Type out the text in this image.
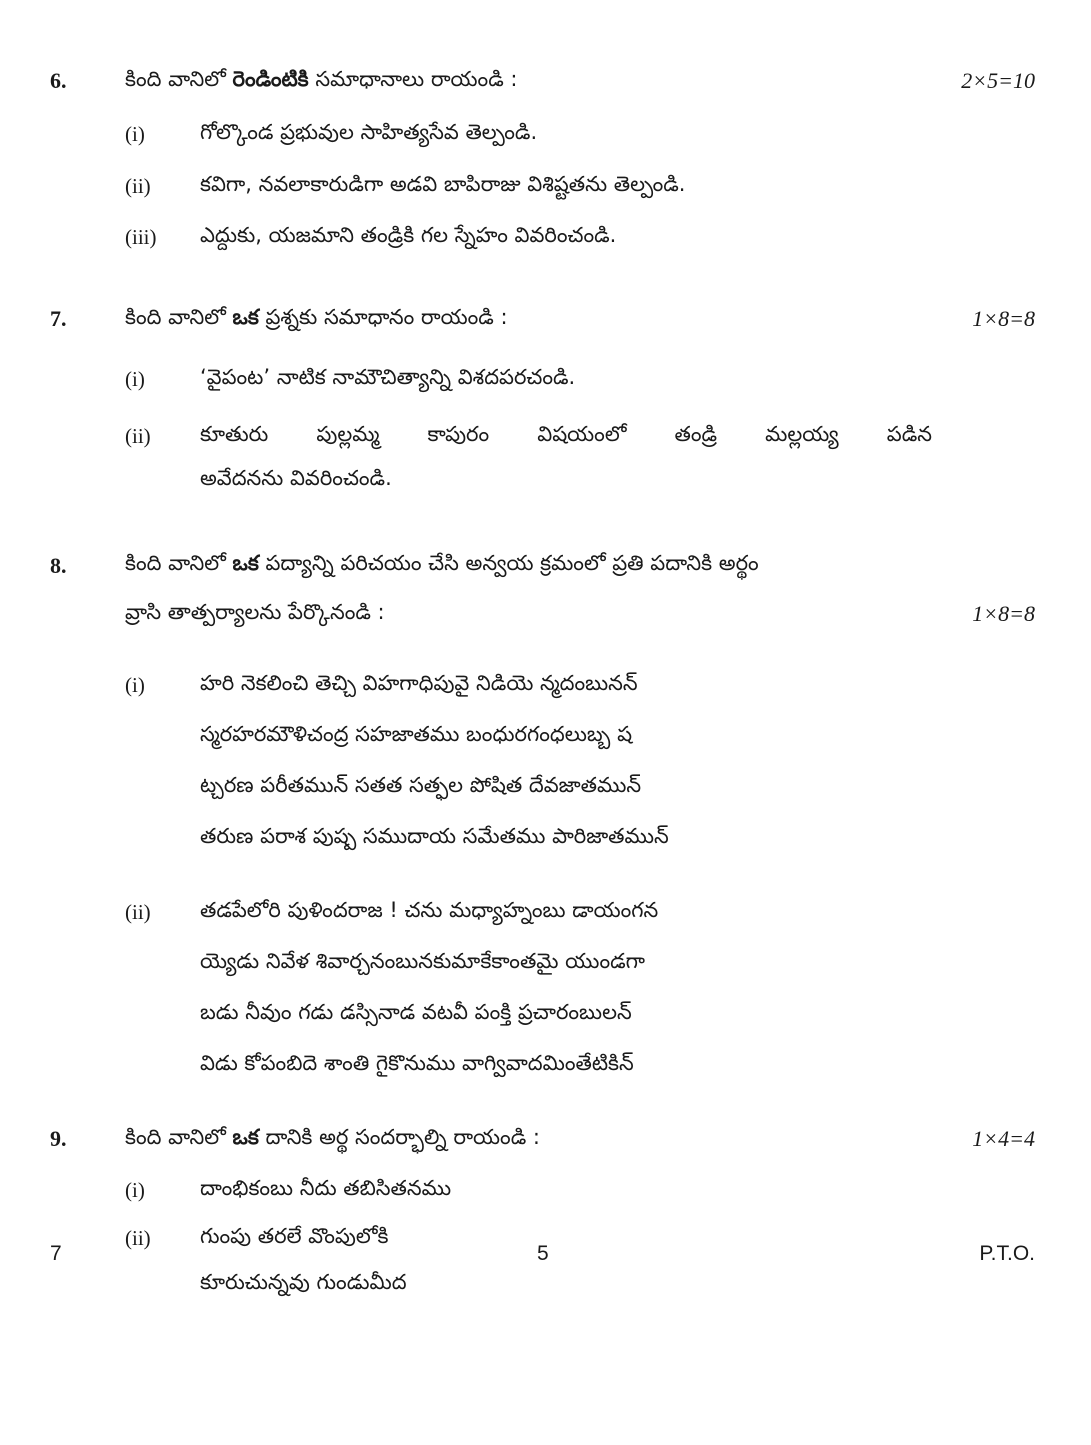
6.	కింది వానిలో రెండింటికి సమాధానాలు రాయండి :	2×5=10
(i)	గోల్కొండ ప్రభువుల సాహిత్యసేవ తెల్పండి.
(ii) కవిగా, నవలాకారుడిగా అడవి బాపిరాజు విశిష్టతను తెల్పండి.
(iii) ఎద్దుకు, యజమాని తండ్రికి గల స్నేహం వివరించండి.
7.	కింది వానిలో ఒక ప్రశ్నకు సమాధానం రాయండి :	1×8=8
(i)	‘వైపంట’ నాటిక నామౌచిత్యాన్ని విశదపరచండి.
(ii) కూతురు పుల్లమ్మ కాపురం విషయంలో తండ్రి మల్లయ్య పడిన
అవేదనను వివరించండి.
8.	కింది వానిలో ఒక పద్యాన్ని పరిచయం చేసి అన్వయ క్రమంలో ప్రతి పదానికి అర్థం
వ్రాసి తాత్పర్యాలను పేర్కొనండి :	1×8=8
(i)	హరి నెకలించి తెచ్చి విహగాధిపువై నిడియె న్మదంబునన్
స్మరహరమౌళిచంద్ర సహజాతము బంధురగంధలుబ్బ ష
ట్చరణ పరీతమున్ సతత సత్ఫల పోషిత దేవజాతమున్
తరుణ పరాశ పుష్ప సముదాయ సమేతము పారిజాతమున్
(ii) తడపేలోరి పుళిందరాజ ! చను మధ్యాహ్నంబు డాయంగన
య్యెడు నివేళ శివార్చనంబునకుమాకేకాంతమై యుండగా
బడు నీవుం గడు డస్సినాడ వటవీ పంక్తి ప్రచారంబులన్
విడు కోపంబిదె శాంతి గైకొనుము వాగ్వివాదమింతేటికిన్
9.	కింది వానిలో ఒక దానికి అర్థ సందర్భాల్ని రాయండి :	1×4=4
(i)	దాంభికంబు నీదు తబిసితనము
(ii) గుంపు తరలే వొంపులోకి
కూరుచున్నవు గుండుమీద
7	5	P.T.O.
